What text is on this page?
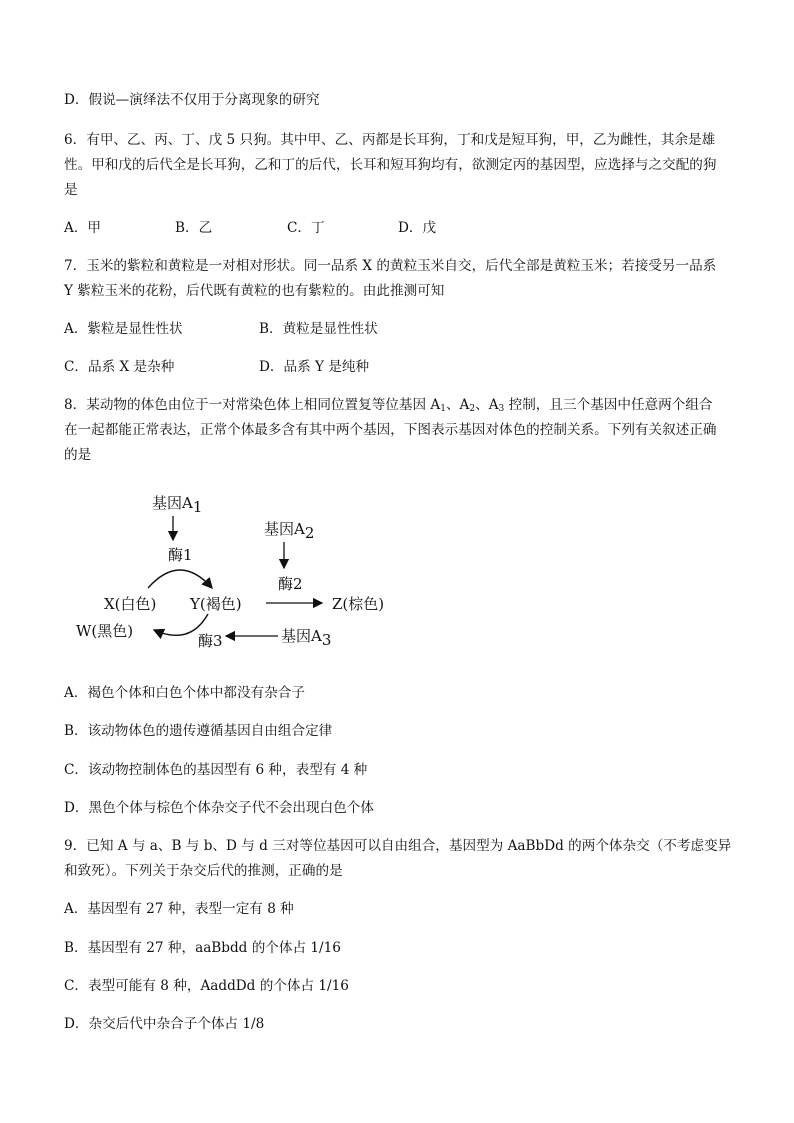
D．假说—演绎法不仅用于分离现象的研究
6．有甲、乙、丙、丁、戊 5 只狗。其中甲、乙、丙都是长耳狗，丁和戊是短耳狗，甲，乙为雌性，其余是雄
性。甲和戊的后代全是长耳狗，乙和丁的后代，长耳和短耳狗均有，欲测定丙的基因型，应选择与之交配的狗
是
A．甲	B．乙	C．丁	D．戊
7．玉米的紫粒和黄粒是一对相对形状。同一品系 X 的黄粒玉米自交，后代全部是黄粒玉米；若接受另一品系
Y 紫粒玉米的花粉，后代既有黄粒的也有紫粒的。由此推测可知
A．紫粒是显性性状	B．黄粒是显性性状
C．品系 X 是杂种	D．品系 Y 是纯种
8．某动物的体色由位于一对常染色体上相同位置复等位基因 $A_1$、$A_2$、$A_3$ 控制，且三个基因中任意两个组合
在一起都能正常表达，正常个体最多含有其中两个基因，下图表示基因对体色的控制关系。下列有关叙述正确
的是
基因A1
酶1
基因A2
酶2
X(白色) Y(褐色)	Z(棕色)
W(黑色)
酶3	基因A3
A．褐色个体和白色个体中都没有杂合子
B．该动物体色的遗传遵循基因自由组合定律
C．该动物控制体色的基因型有 6 种，表型有 4 种
D．黑色个体与棕色个体杂交子代不会出现白色个体
9．已知 A 与 a、B 与 b、D 与 d 三对等位基因可以自由组合，基因型为 AaBbDd 的两个体杂交（不考虑变异
和致死）。下列关于杂交后代的推测，正确的是
A．基因型有 27 种，表型一定有 8 种
B．基因型有 27 种，aaBbdd 的个体占 1/16
C．表型可能有 8 种，AaddDd 的个体占 1/16
D．杂交后代中杂合子个体占 1/8
